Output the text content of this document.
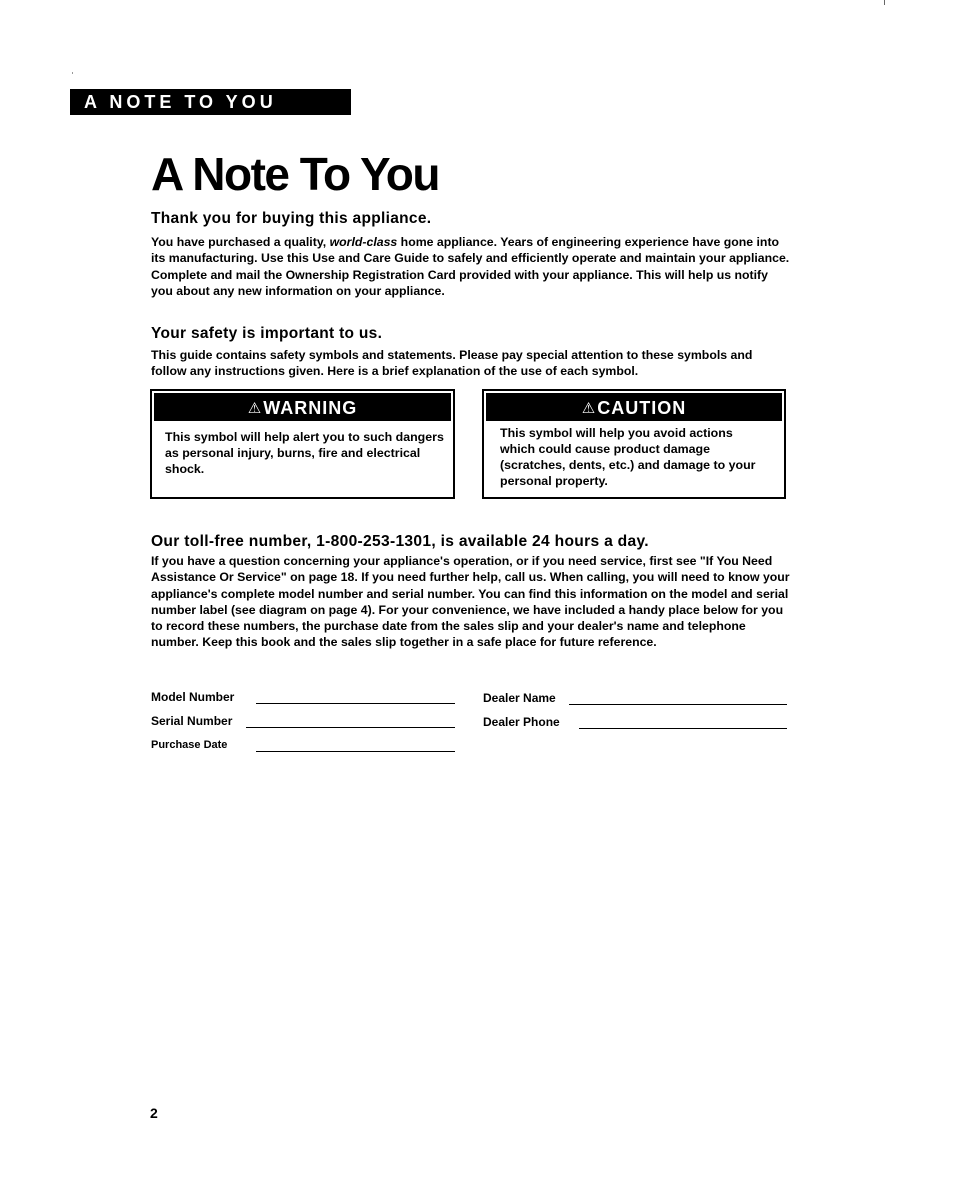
A NOTE TO YOU
A Note To You
Thank you for buying this appliance.

You have purchased a quality, world-class home appliance. Years of engineering experience have gone into its manufacturing. Use this Use and Care Guide to safely and efficiently operate and maintain your appliance. Complete and mail the Ownership Registration Card provided with your appliance. This will help us notify you about any new information on your appliance.

Your safety is important to us.

This guide contains safety symbols and statements. Please pay special attention to these symbols and follow any instructions given. Here is a brief explanation of the use of each symbol.

⚠WARNING
This symbol will help alert you to such dangers as personal injury, burns, fire and electrical shock.
⚠CAUTION
This symbol will help you avoid actions which could cause product damage (scratches, dents, etc.) and damage to your personal property.
Our toll-free number, 1-800-253-1301, is available 24 hours a day.

If you have a question concerning your appliance's operation, or if you need service, first see "If You Need Assistance Or Service" on page 18. If you need further help, call us. When calling, you will need to know your appliance's complete model number and serial number. You can find this information on the model and serial number label (see diagram on page 4). For your convenience, we have included a handy place below for you to record these numbers, the purchase date from the sales slip and your dealer's name and telephone number. Keep this book and the sales slip together in a safe place for future reference.

Model Number
Serial Number
Purchase Date
Dealer Name
Dealer Phone
2
